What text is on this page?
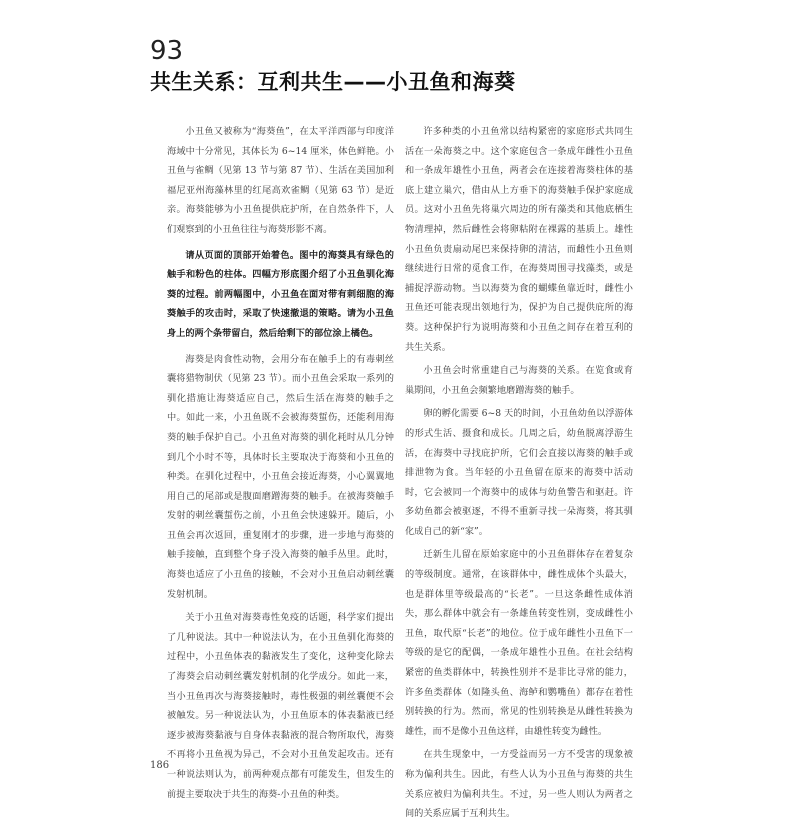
93
共生关系：互利共生——小丑鱼和海葵

小丑鱼又被称为“海葵鱼”，在太平洋西部与印度洋海域中十分常见，其体长为 6~14 厘米，体色鲜艳。小丑鱼与雀鲷（见第 13 节与第 87 节）、生活在美国加利福尼亚州海藻林里的红尾高欢雀鲷（见第 63 节）是近亲。海葵能够为小丑鱼提供庇护所，在自然条件下，人们观察到的小丑鱼往往与海葵形影不离。

请从页面的顶部开始着色。图中的海葵具有绿色的触手和粉色的柱体。四幅方形底图介绍了小丑鱼驯化海葵的过程。前两幅图中，小丑鱼在面对带有刺细胞的海葵触手的攻击时，采取了快速撤退的策略。请为小丑鱼身上的两个条带留白，然后给剩下的部位涂上橘色。

海葵是肉食性动物，会用分布在触手上的有毒刺丝囊将猎物制伏（见第 23 节）。而小丑鱼会采取一系列的驯化措施让海葵适应自己，然后生活在海葵的触手之中。如此一来，小丑鱼既不会被海葵蜇伤，还能利用海葵的触手保护自己。小丑鱼对海葵的驯化耗时从几分钟到几个小时不等，具体时长主要取决于海葵和小丑鱼的种类。在驯化过程中，小丑鱼会接近海葵，小心翼翼地用自己的尾部或是腹面磨蹭海葵的触手。在被海葵触手发射的刺丝囊蜇伤之前，小丑鱼会快速躲开。随后，小丑鱼会再次返回，重复刚才的步骤，进一步地与海葵的触手接触，直到整个身子没入海葵的触手丛里。此时，海葵也适应了小丑鱼的接触，不会对小丑鱼启动刺丝囊发射机制。

关于小丑鱼对海葵毒性免疫的话题，科学家们提出了几种说法。其中一种说法认为，在小丑鱼驯化海葵的过程中，小丑鱼体表的黏液发生了变化，这种变化除去了海葵会启动刺丝囊发射机制的化学成分。如此一来，当小丑鱼再次与海葵接触时，毒性极强的刺丝囊便不会被触发。另一种说法认为，小丑鱼原本的体表黏液已经逐步被海葵黏液与自身体表黏液的混合物所取代，海葵不再将小丑鱼视为异己，不会对小丑鱼发起攻击。还有一种说法则认为，前两种观点都有可能发生，但发生的前提主要取决于共生的海葵-小丑鱼的种类。

许多种类的小丑鱼常以结构紧密的家庭形式共同生活在一朵海葵之中。这个家庭包含一条成年雌性小丑鱼和一条成年雄性小丑鱼，两者会在连接着海葵柱体的基底上建立巢穴，借由从上方垂下的海葵触手保护家庭成员。这对小丑鱼先将巢穴周边的所有藻类和其他底栖生物清理掉，然后雌性会将卵粘附在裸露的基质上。雄性小丑鱼负责扇动尾巴来保持卵的清洁，而雌性小丑鱼则继续进行日常的觅食工作，在海葵周围寻找藻类，或是捕捉浮游动物。当以海葵为食的蝴蝶鱼靠近时，雌性小丑鱼还可能表现出领地行为，保护为自己提供庇所的海葵。这种保护行为说明海葵和小丑鱼之间存在着互利的共生关系。

小丑鱼会时常重建自己与海葵的关系。在览食或育巢期间，小丑鱼会频繁地磨蹭海葵的触手。

卵的孵化需要 6~8 天的时间，小丑鱼幼鱼以浮游体的形式生活、摄食和成长。几周之后，幼鱼脱离浮游生活，在海葵中寻找庇护所，它们会直接以海葵的触手或排泄物为食。当年轻的小丑鱼留在原来的海葵中活动时，它会被同一个海葵中的成体与幼鱼警告和驱赶。许多幼鱼都会被驱逐，不得不重新寻找一朵海葵，将其驯化成自己的新“家”。

迁新生儿留在原始家庭中的小丑鱼群体存在着复杂的等级制度。通常，在该群体中，雌性成体个头最大，也是群体里等级最高的“长老”。一旦这条雌性成体消失，那么群体中就会有一条雄鱼转变性别，变成雌性小丑鱼，取代原“长老”的地位。位于成年雌性小丑鱼下一等级的是它的配偶，一条成年雄性小丑鱼。在社会结构紧密的鱼类群体中，转换性别并不是非比寻常的能力，许多鱼类群体（如隆头鱼、海鲈和鹦嘴鱼）都存在着性别转换的行为。然而，常见的性别转换是从雌性转换为雄性，而不是像小丑鱼这样，由雄性转变为雌性。

在共生现象中，一方受益而另一方不受害的现象被称为偏利共生。因此，有些人认为小丑鱼与海葵的共生关系应被归为偏利共生。不过，另一些人则认为两者之间的关系应属于互利共生。

186
